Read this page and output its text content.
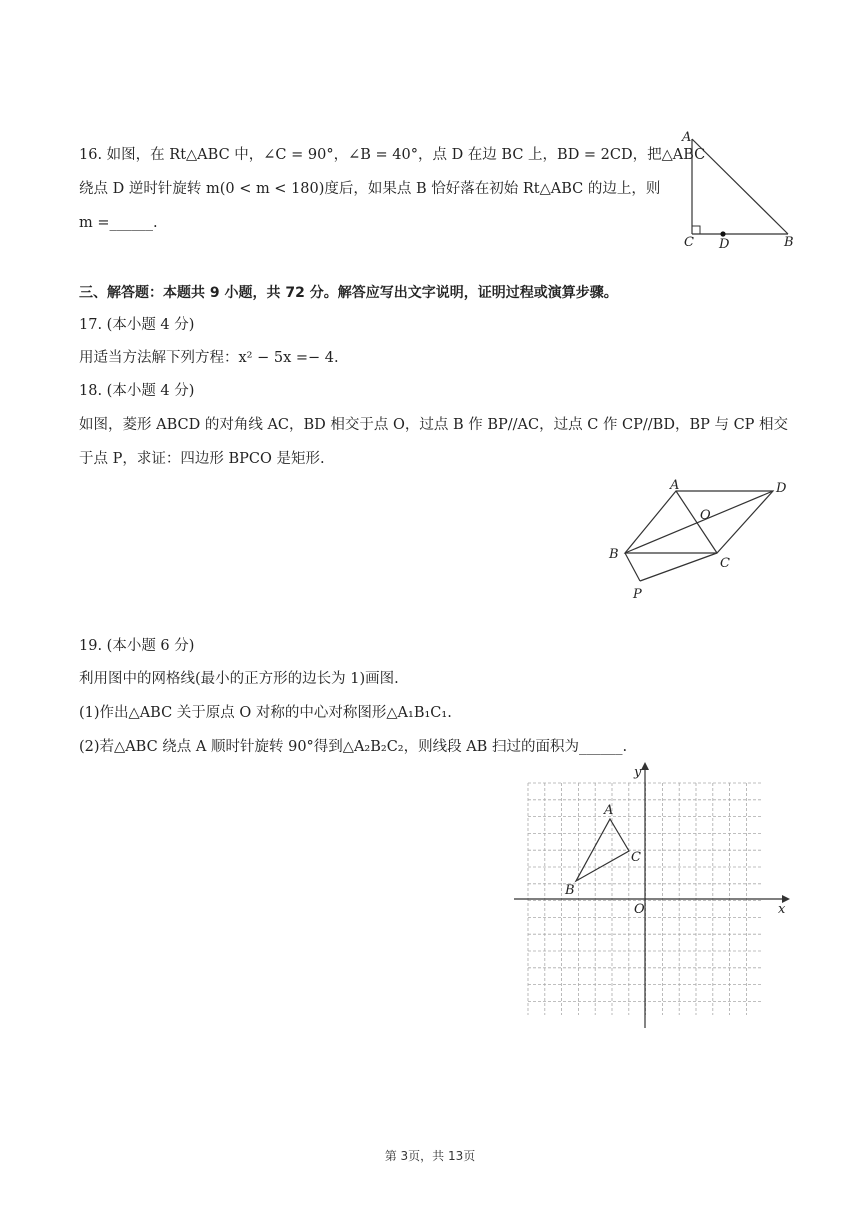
16. 如图，在 Rt△ABC 中，∠C = 90°，∠B = 40°，点 D 在边 BC 上，BD = 2CD，把△ABC
绕点 D 逆时针旋转 m(0 < m < 180)度后，如果点 B 恰好落在初始 Rt△ABC 的边上，则
m =______.
A
C D	B
三、解答题：本题共 9 小题，共 72 分。解答应写出文字说明，证明过程或演算步骤。
17. (本小题 4 分)
用适当方法解下列方程：x² − 5x =− 4.
18. (本小题 4 分)
如图，菱形 ABCD 的对角线 AC，BD 相交于点 O，过点 B 作 BP//AC，过点 C 作 CP//BD，BP 与 CP 相交
于点 P，求证：四边形 BPCO 是矩形.
A	D
O
B
C
P
19. (本小题 6 分)
利用图中的网格线(最小的正方形的边长为 1)画图.
(1)作出△ABC 关于原点 O 对称的中心对称图形△A₁B₁C₁.
(2)若△ABC 绕点 A 顺时针旋转 90°得到△A₂B₂C₂，则线段 AB 扫过的面积为______.
A
C
B
O	x
y
第 3页，共 13页
